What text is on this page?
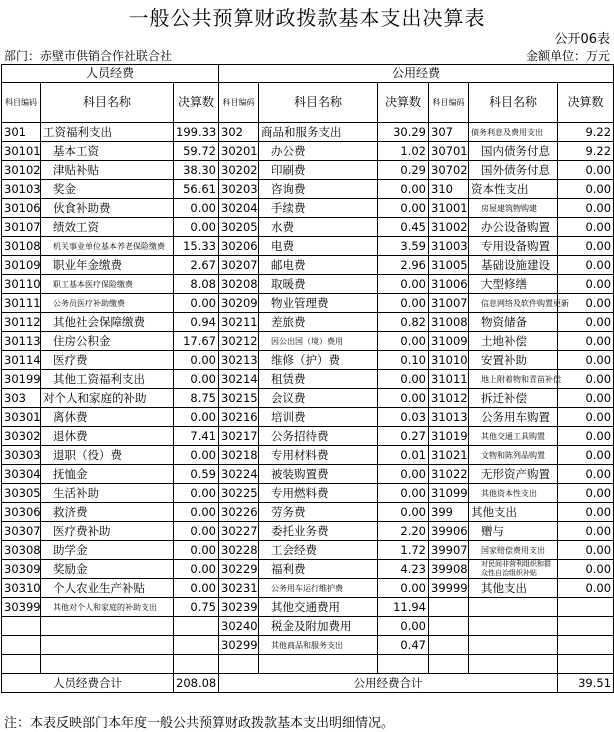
一般公共预算财政拨款基本支出决算表
公开06表
部门：赤壁市供销合作社联合社	金额单位：万元
人员经费			公用经费					
科目编码	科目名称	决算数	科目编码	科目名称	决算数	科目编码	科目名称	决算数
301	工资福利支出	199.33	302	商品和服务支出	30.29	307	债务利息及费用支出	9.22
30101	基本工资	59.72	30201	办公费	1.02	30701	国内债务付息	9.22
30102	津贴补贴	38.30	30202	印刷费	0.29	30702	国外债务付息	0.00
30103	奖金	56.61	30203	咨询费	0.00	310	资本性支出	0.00
30106	伙食补助费	0.00	30204	手续费	0.00	31001	房屋建筑物购建	0.00
30107	绩效工资	0.00	30205	水费	0.45	31002	办公设备购置	0.00
30108	机关事业单位基本养老保险缴费	15.33	30206	电费	3.59	31003	专用设备购置	0.00
30109	职业年金缴费	2.67	30207	邮电费	2.96	31005	基础设施建设	0.00
30110	职工基本医疗保险缴费	8.08	30208	取暖费	0.00	31006	大型修缮	0.00
30111	公务员医疗补助缴费	0.00	30209	物业管理费	0.00	31007	信息网络及软件购置更新	0.00
30112	其他社会保障缴费	0.94	30211	差旅费	0.82	31008	物资储备	0.00
30113	住房公积金	17.67	30212	因公出国（境）费用	0.00	31009	土地补偿	0.00
30114	医疗费	0.00	30213	维修（护）费	0.10	31010	安置补助	0.00
30199	其他工资福利支出	0.00	30214	租赁费	0.00	31011	地上附着物和青苗补偿	0.00
303	对个人和家庭的补助	8.75	30215	会议费	0.00	31012	拆迁补偿	0.00
30301	离休费	0.00	30216	培训费	0.03	31013	公务用车购置	0.00
30302	退休费	7.41	30217	公务招待费	0.27	31019	其他交通工具购置	0.00
30303	退职（役）费	0.00	30218	专用材料费	0.01	31021	文物和陈列品购置	0.00
30304	抚恤金	0.59	30224	被装购置费	0.00	31022	无形资产购置	0.00
30305	生活补助	0.00	30225	专用燃料费	0.00	31099	其他资本性支出	0.00
30306	救济费	0.00	30226	劳务费	0.00	399	其他支出	0.00
30307	医疗费补助	0.00	30227	委托业务费	2.20	39906	赠与	0.00
30308	助学金	0.00	30228	工会经费	1.72	39907	国家赔偿费用支出	0.00
30309	奖励金	0.00	30229	福利费	4.23	39908	对民间非营利组织和群众性自治组织补贴	0.00
30310	个人农业生产补贴	0.00	30231	公务用车运行维护费	0.00	39999	其他支出	0.00
30399	其他对个人和家庭的补助支出	0.75	30239	其他交通费用	11.94			
			30240	税金及附加费用	0.00			
			30299	其他商品和服务支出	0.47			

人员经费合计		208.08	公用经费合计					39.51
注：本表反映部门本年度一般公共预算财政拨款基本支出明细情况。
